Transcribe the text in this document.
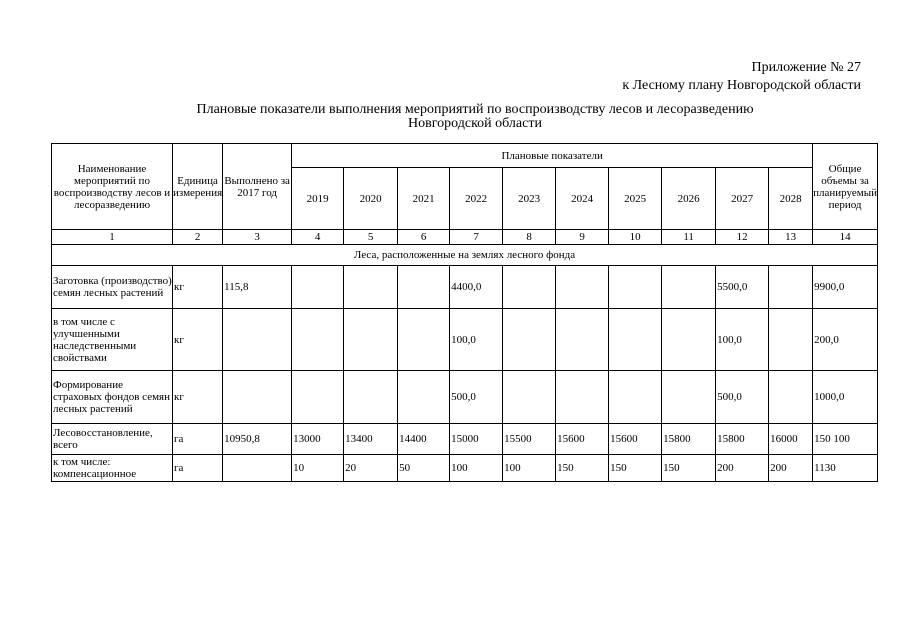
Приложение № 27
к Лесному плану Новгородской области
Плановые показатели выполнения мероприятий по воспроизводству лесов и лесоразведению
Новгородской области
Наименование мероприятий по воспроизводству лесов и лесоразведению	Единица измерения	Выполнено за 2017 год	Плановые показатели										Общие объемы за планируемый период
			2019	2020	2021	2022	2023	2024	2025	2026	2027	2028	
1	2	3	4	5	6	7	8	9	10	11	12	13	14
Леса, расположенные на землях лесного фонда													
Заготовка (производство) семян лесных растений	кг	115,8				4400,0					5500,0		9900,0
в том числе с улучшенными наследственными свойствами	кг					100,0					100,0		200,0
Формирование страховых фондов семян лесных растений	кг					500,0					500,0		1000,0
Лесовосстановление, всего	га	10950,8	13000	13400	14400	15000	15500	15600	15600	15800	15800	16000	150 100
к том числе: компенсационное	га		10	20	50	100	100	150	150	150	200	200	1130
